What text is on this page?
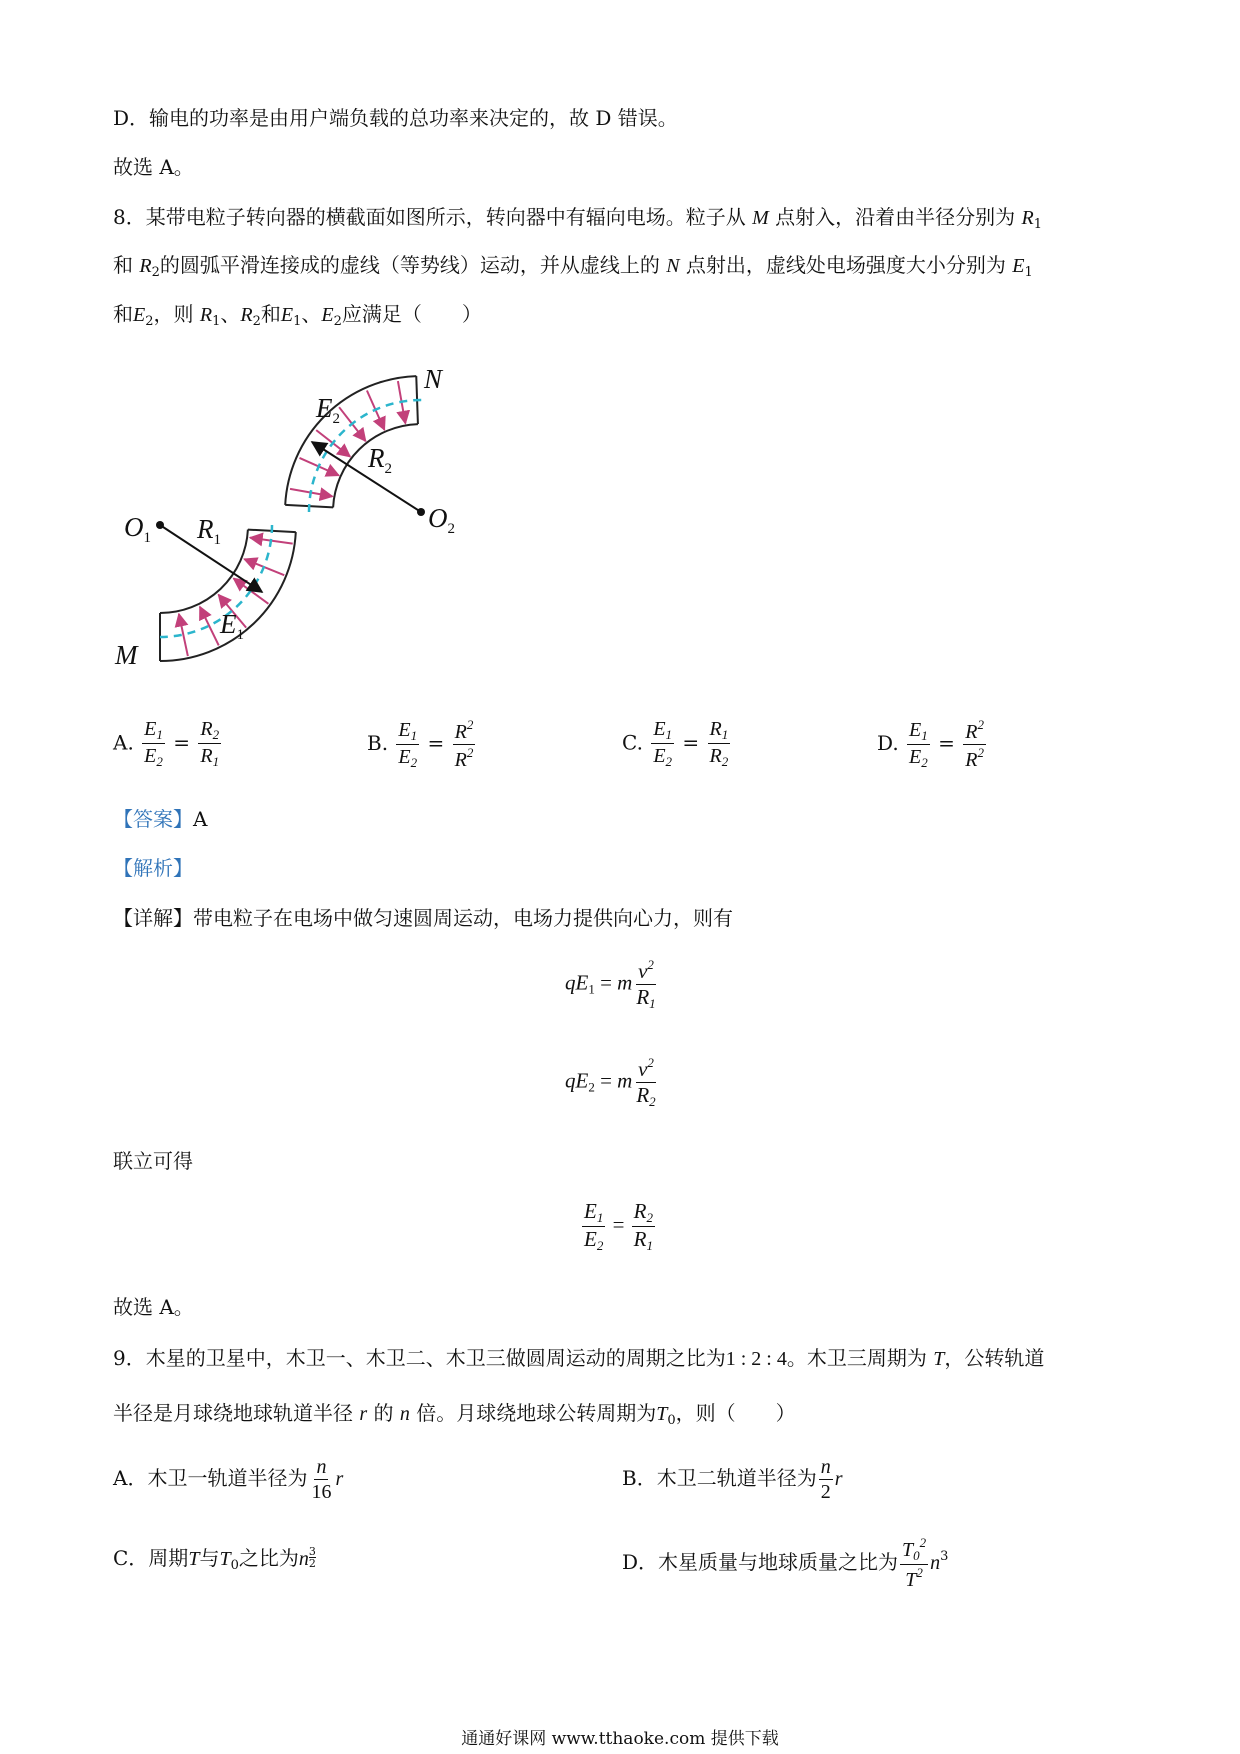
D．输电的功率是由用户端负载的总功率来决定的，故 D 错误。
故选 A。
8．某带电粒子转向器的横截面如图所示，转向器中有辐向电场。粒子从 M 点射入，沿着由半径分别为 $R_1$
和 $R_2$的圆弧平滑连接成的虚线（等势线）运动，并从虚线上的 N 点射出，虚线处电场强度大小分别为 $E_1$
和$E_2$，则 $R_1$、$R_2$和$E_1$、$E_2$应满足（　　）
N
M
$O_1$ $R_1$
$E_1$
$O_2$
$R_2$
$E_2$
A. $\frac{E_1}{E_2} = \frac{R_2}{R_1}$	B. $\frac{E_1}{E_2} = \frac{R^2}{R^2}$	C. $\frac{E_1}{E_2} = \frac{R_1}{R_2}$	D. $\frac{E_1}{E_2} = \frac{R^2}{R^2}$
【答案】A
【解析】
【详解】带电粒子在电场中做匀速圆周运动，电场力提供向心力，则有
$qE_1 = m \frac{v^2}{R_1}$
$qE_2 = m \frac{v^2}{R_2}$
联立可得
$\frac{E_1}{E_2} = \frac{R_2}{R_1}$
故选 A。
9．木星的卫星中，木卫一、木卫二、木卫三做圆周运动的周期之比为1 : 2 : 4。木卫三周期为 T，公转轨道
半径是月球绕地球轨道半径 r 的 n 倍。月球绕地球公转周期为$T_0$，则（　　）
A．木卫一轨道半径为 $\frac{n}{16}$ r	B．木卫二轨道半径为 $\frac{n}{2}$ r
C．周期T与$T_0$之比为n $\frac{3}{2}$	D．木星质量与地球质量之比为 $\frac{T_0^2}{T^2} n^3$
通通好课网 www.tthaoke.com 提供下载
